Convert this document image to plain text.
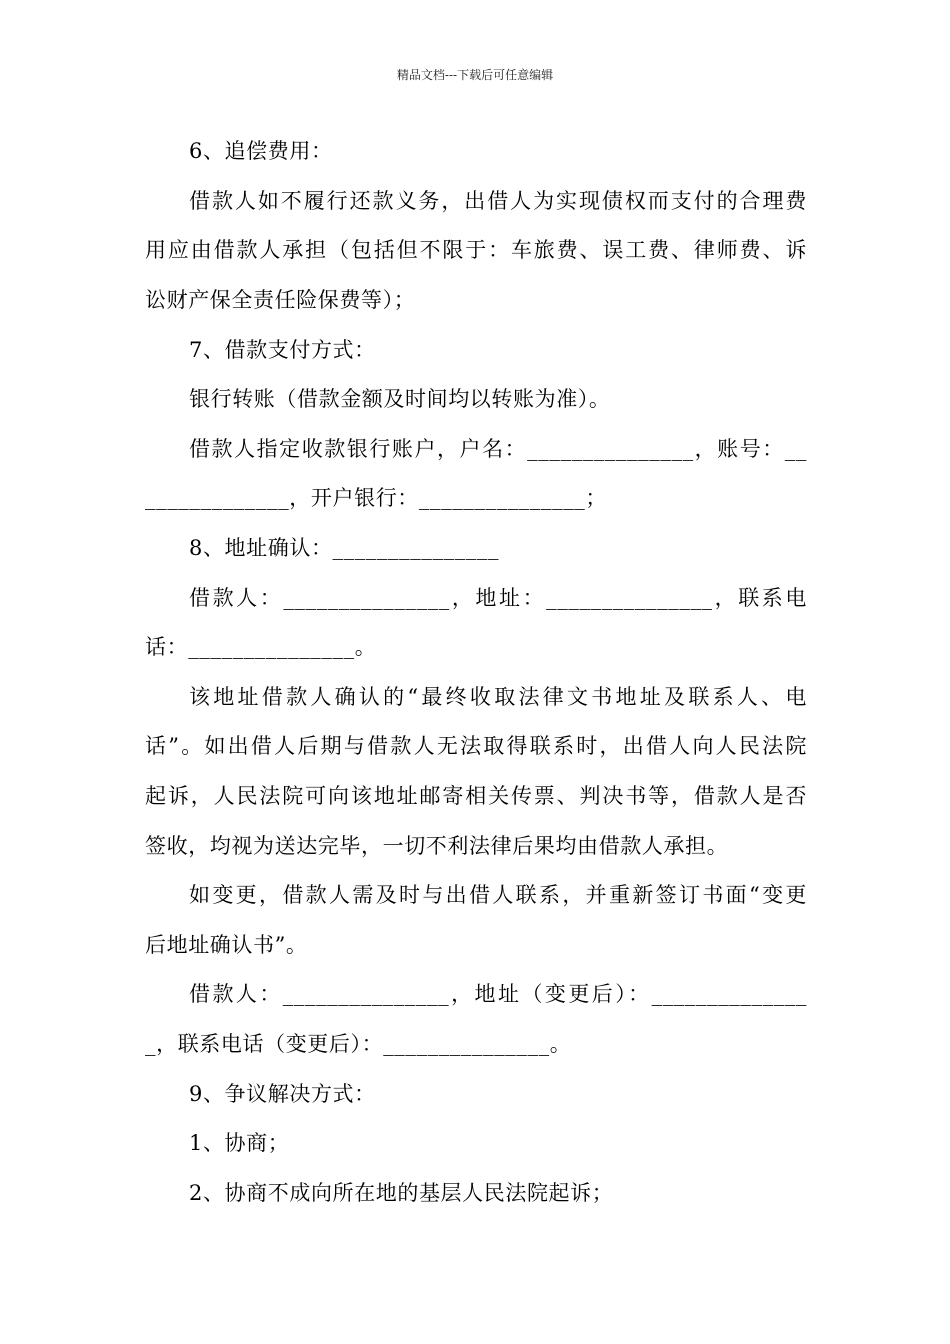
精品文档---下载后可任意编辑
6、追偿费用：
借款人如不履行还款义务，出借人为实现债权而支付的合理费
用应由借款人承担（包括但不限于：车旅费、误工费、律师费、诉
讼财产保全责任险保费等）；
7、借款支付方式：
银行转账（借款金额及时间均以转账为准）。
借款人指定收款银行账户，户名：_______________，账号：__
_____________，开户银行：_______________；
8、地址确认：_______________
借款人：_______________，地址：_______________，联系电
话：_______________。
该地址借款人确认的“最终收取法律文书地址及联系人、电
话”。如出借人后期与借款人无法取得联系时，出借人向人民法院
起诉，人民法院可向该地址邮寄相关传票、判决书等，借款人是否
签收，均视为送达完毕，一切不利法律后果均由借款人承担。
如变更，借款人需及时与出借人联系，并重新签订书面“变更
后地址确认书”。
借款人：_______________，地址（变更后）：______________
_，联系电话（变更后）：_______________。
9、争议解决方式：
1、协商；
2、协商不成向所在地的基层人民法院起诉；
